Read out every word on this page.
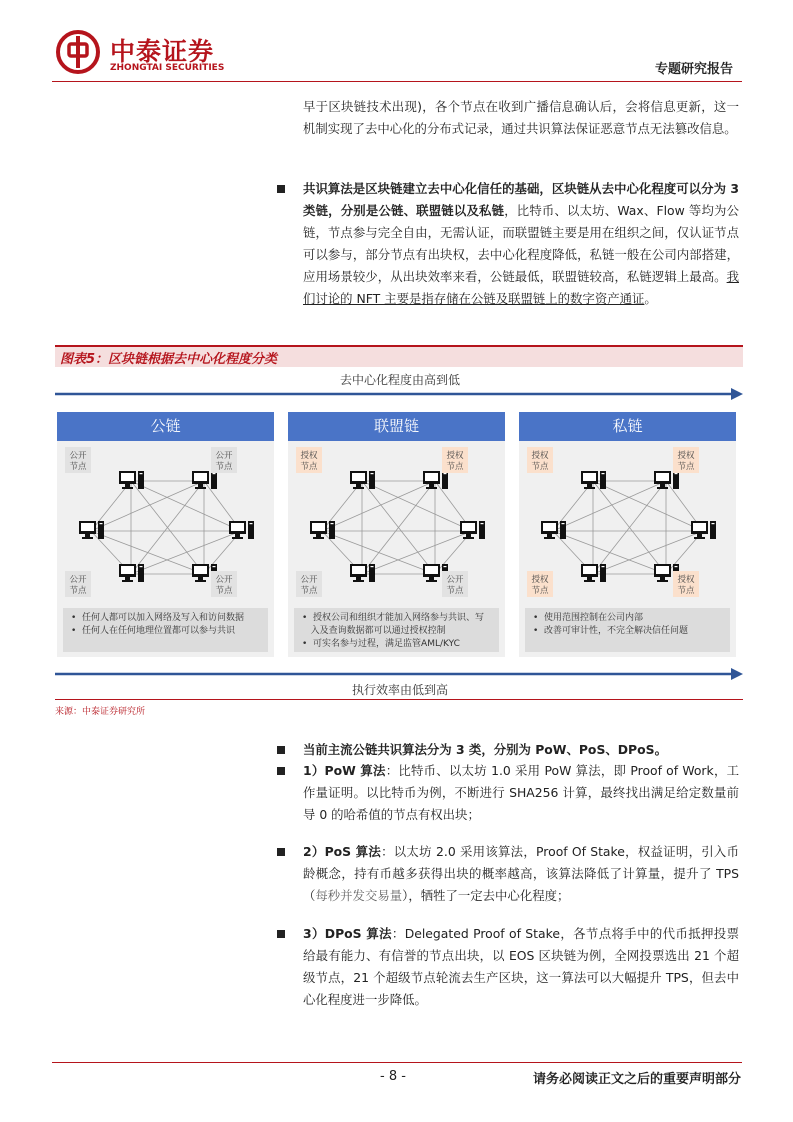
中泰证券
ZHONGTAI SECURITIES	专题研究报告
早于区块链技术出现)，各个节点在收到广播信息确认后，会将信息更新，这一机制实现了去中心化的分布式记录，通过共识算法保证恶意节点无法篡改信息。
共识算法是区块链建立去中心化信任的基础，区块链从去中心化程度可以分为 3 类链，分别是公链、联盟链以及私链，比特币、以太坊、Wax、Flow 等均为公链，节点参与完全自由，无需认证，而联盟链主要是用在组织之间，仅认证节点可以参与，部分节点有出块权，去中心化程度降低，私链一般在公司内部搭建，应用场景较少，从出块效率来看，公链最低，联盟链较高，私链逻辑上最高。我们讨论的 NFT 主要是指存储在公链及联盟链上的数字资产通证。
图表5：区块链根据去中心化程度分类
去中心化程度由高到低
公链
公开
节点
公开
节点
公开
节点
公开
节点
•  任何人都可以加入网络及写入和访问数据
•  任何人在任何地理位置都可以参与共识
联盟链
授权
节点
授权
节点
公开
节点
公开
节点
•  授权公司和组织才能加入网络参与共识、写
入及查询数据都可以通过授权控制
•  可实名参与过程，满足监管AML/KYC
私链
授权
节点
授权
节点
授权
节点
授权
节点
•  使用范围控制在公司内部
•  改善可审计性，不完全解决信任问题
执行效率由低到高
来源：中泰证券研究所
当前主流公链共识算法分为 3 类，分别为 PoW、PoS、DPoS。
1）PoW 算法：比特币、以太坊 1.0 采用 PoW 算法，即 Proof of Work，工作量证明。以比特币为例，不断进行 SHA256 计算，最终找出满足给定数量前导 0 的哈希值的节点有权出块；
2）PoS 算法：以太坊 2.0 采用该算法，Proof Of Stake，权益证明，引入币龄概念，持有币越多获得出块的概率越高，该算法降低了计算量，提升了 TPS（每秒并发交易量），牺牲了一定去中心化程度；
3）DPoS 算法：Delegated Proof of Stake，各节点将手中的代币抵押投票给最有能力、有信誉的节点出块，以 EOS 区块链为例，全网投票选出 21 个超级节点，21 个超级节点轮流去生产区块，这一算法可以大幅提升 TPS，但去中心化程度进一步降低。
- 8 -	请务必阅读正文之后的重要声明部分
